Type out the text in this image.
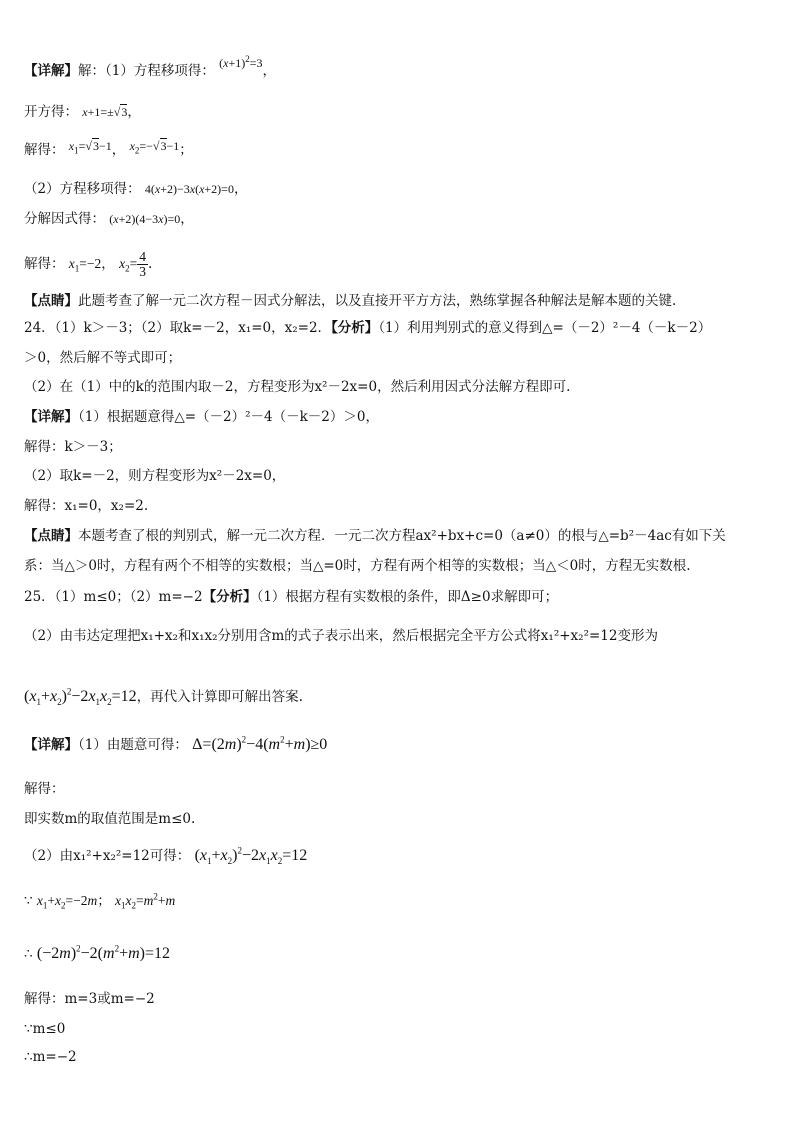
【详解】解：（1）方程移项得： $(x+1)^2=3$，
开方得： x+1=±√3，
解得： $x_1=√3-1$， $x_2=-√3-1$；
（2）方程移项得： 4(x+2)−3x(x+2)=0，
分解因式得： (x+2)(4−3x)=0，
解得： $x_1=-2$， $x_2= \frac{4}{3}$ .
【点睛】此题考查了解一元二次方程－因式分解法，以及直接开平方方法，熟练掌握各种解法是解本题的关键.
24．（1）k＞－3；（2）取k=－2，x₁=0，x₂=2．【分析】（1）利用判别式的意义得到△=（－2）²－4（－k－2）
＞0，然后解不等式即可；
（2）在（1）中的k的范围内取－2，方程变形为x²－2x=0，然后利用因式分法解方程即可.
【详解】（1）根据题意得△=（－2）²－4（－k－2）＞0，
解得：k＞－3；
（2）取k=－2，则方程变形为x²－2x=0，
解得：x₁=0，x₂=2.
【点睛】本题考查了根的判别式，解一元二次方程．一元二次方程ax²+bx+c=0（a≠0）的根与△=b²－4ac有如下关
系：当△＞0时，方程有两个不相等的实数根；当△=0时，方程有两个相等的实数根；当△＜0时，方程无实数根.
25．（1）m≤0；（2）m=−2【分析】（1）根据方程有实数根的条件，即Δ≥0求解即可；
（2）由韦达定理把x₁+x₂和x₁x₂分别用含m的式子表示出来，然后根据完全平方公式将x₁²+x₂²=12变形为
$(x_1+x_2)^2-2x_1x_2=12$，再代入计算即可解出答案.
【详解】（1）由题意可得： $\Delta=(2m)^2-4(m^2+m)\ge 0$
解得：
即实数m的取值范围是m≤0.
（2）由x₁²+x₂²=12可得： $(x_1+x_2)^2-2x_1x_2=12$
∵ $x_1+x_2=-2m$； $x_1x_2=m^2+m$
∴ $(-2m)^2-2(m^2+m)=12$
解得：m=3或m=−2
∵m≤0
∴m=−2
